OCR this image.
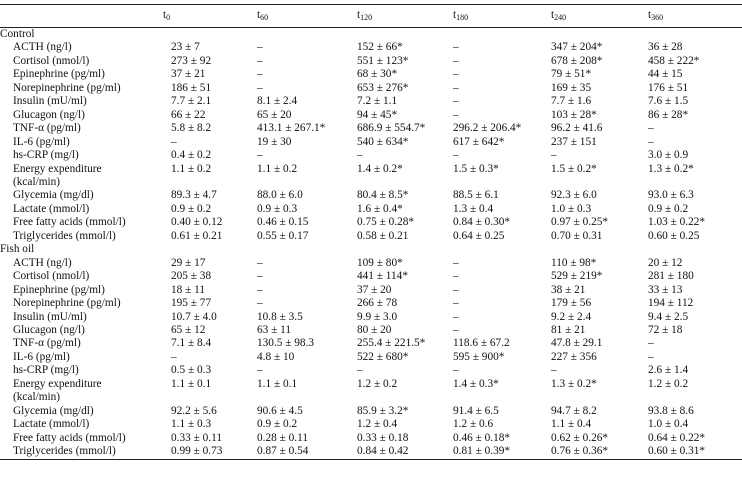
	$t_0$	$t_{60}$	$t_{120}$	$t_{180}$	$t_{240}$	$t_{360}$
Control						
ACTH (ng/l)	23 ± 7	–	152 ± 66*	–	347 ± 204*	36 ± 28
Cortisol (nmol/l)	273 ± 92	–	551 ± 123*	–	678 ± 208*	458 ± 222*
Epinephrine (pg/ml)	37 ± 21	–	68 ± 30*	–	79 ± 51*	44 ± 15
Norepinephrine (pg/ml)	186 ± 51	–	653 ± 276*	–	169 ± 35	176 ± 51
Insulin (mU/ml)	7.7 ± 2.1	8.1 ± 2.4	7.2 ± 1.1	–	7.7 ± 1.6	7.6 ± 1.5
Glucagon (ng/l)	66 ± 22	65 ± 20	94 ± 45*	–	103 ± 28*	86 ± 28*
TNF-α (pg/ml)	5.8 ± 8.2	413.1 ± 267.1*	686.9 ± 554.7*	296.2 ± 206.4*	96.2 ± 41.6	–
IL-6 (pg/ml)	–	19 ± 30	540 ± 634*	617 ± 642*	237 ± 151	–
hs-CRP (mg/l)	0.4 ± 0.2	–	–	–	–	3.0 ± 0.9
Energy expenditure
(kcal/min)	1.1 ± 0.2	1.1 ± 0.2	1.4 ± 0.2*	1.5 ± 0.3*	1.5 ± 0.2*	1.3 ± 0.2*
Glycemia (mg/dl)	89.3 ± 4.7	88.0 ± 6.0	80.4 ± 8.5*	88.5 ± 6.1	92.3 ± 6.0	93.0 ± 6.3
Lactate (mmol/l)	0.9 ± 0.2	0.9 ± 0.3	1.6 ± 0.4*	1.3 ± 0.4	1.0 ± 0.3	0.9 ± 0.2
Free fatty acids (mmol/l)	0.40 ± 0.12	0.46 ± 0.15	0.75 ± 0.28*	0.84 ± 0.30*	0.97 ± 0.25*	1.03 ± 0.22*
Triglycerides (mmol/l)	0.61 ± 0.21	0.55 ± 0.17	0.58 ± 0.21	0.64 ± 0.25	0.70 ± 0.31	0.60 ± 0.25
Fish oil						
ACTH (ng/l)	29 ± 17	–	109 ± 80*	–	110 ± 98*	20 ± 12
Cortisol (nmol/l)	205 ± 38	–	441 ± 114*	–	529 ± 219*	281 ± 180
Epinephrine (pg/ml)	18 ± 11	–	37 ± 20	–	38 ± 21	33 ± 13
Norepinephrine (pg/ml)	195 ± 77	–	266 ± 78	–	179 ± 56	194 ± 112
Insulin (mU/ml)	10.7 ± 4.0	10.8 ± 3.5	9.9 ± 3.0	–	9.2 ± 2.4	9.4 ± 2.5
Glucagon (ng/l)	65 ± 12	63 ± 11	80 ± 20	–	81 ± 21	72 ± 18
TNF-α (pg/ml)	7.1 ± 8.4	130.5 ± 98.3	255.4 ± 221.5*	118.6 ± 67.2	47.8 ± 29.1	–
IL-6 (pg/ml)	–	4.8 ± 10	522 ± 680*	595 ± 900*	227 ± 356	–
hs-CRP (mg/l)	0.5 ± 0.3	–	–	–	–	2.6 ± 1.4
Energy expenditure
(kcal/min)	1.1 ± 0.1	1.1 ± 0.1	1.2 ± 0.2	1.4 ± 0.3*	1.3 ± 0.2*	1.2 ± 0.2
Glycemia (mg/dl)	92.2 ± 5.6	90.6 ± 4.5	85.9 ± 3.2*	91.4 ± 6.5	94.7 ± 8.2	93.8 ± 8.6
Lactate (mmol/l)	1.1 ± 0.3	0.9 ± 0.2	1.2 ± 0.4	1.2 ± 0.6	1.1 ± 0.4	1.0 ± 0.4
Free fatty acids (mmol/l)	0.33 ± 0.11	0.28 ± 0.11	0.33 ± 0.18	0.46 ± 0.18*	0.62 ± 0.26*	0.64 ± 0.22*
Triglycerides (mmol/l)	0.99 ± 0.73	0.87 ± 0.54	0.84 ± 0.42	0.81 ± 0.39*	0.76 ± 0.36*	0.60 ± 0.31*
